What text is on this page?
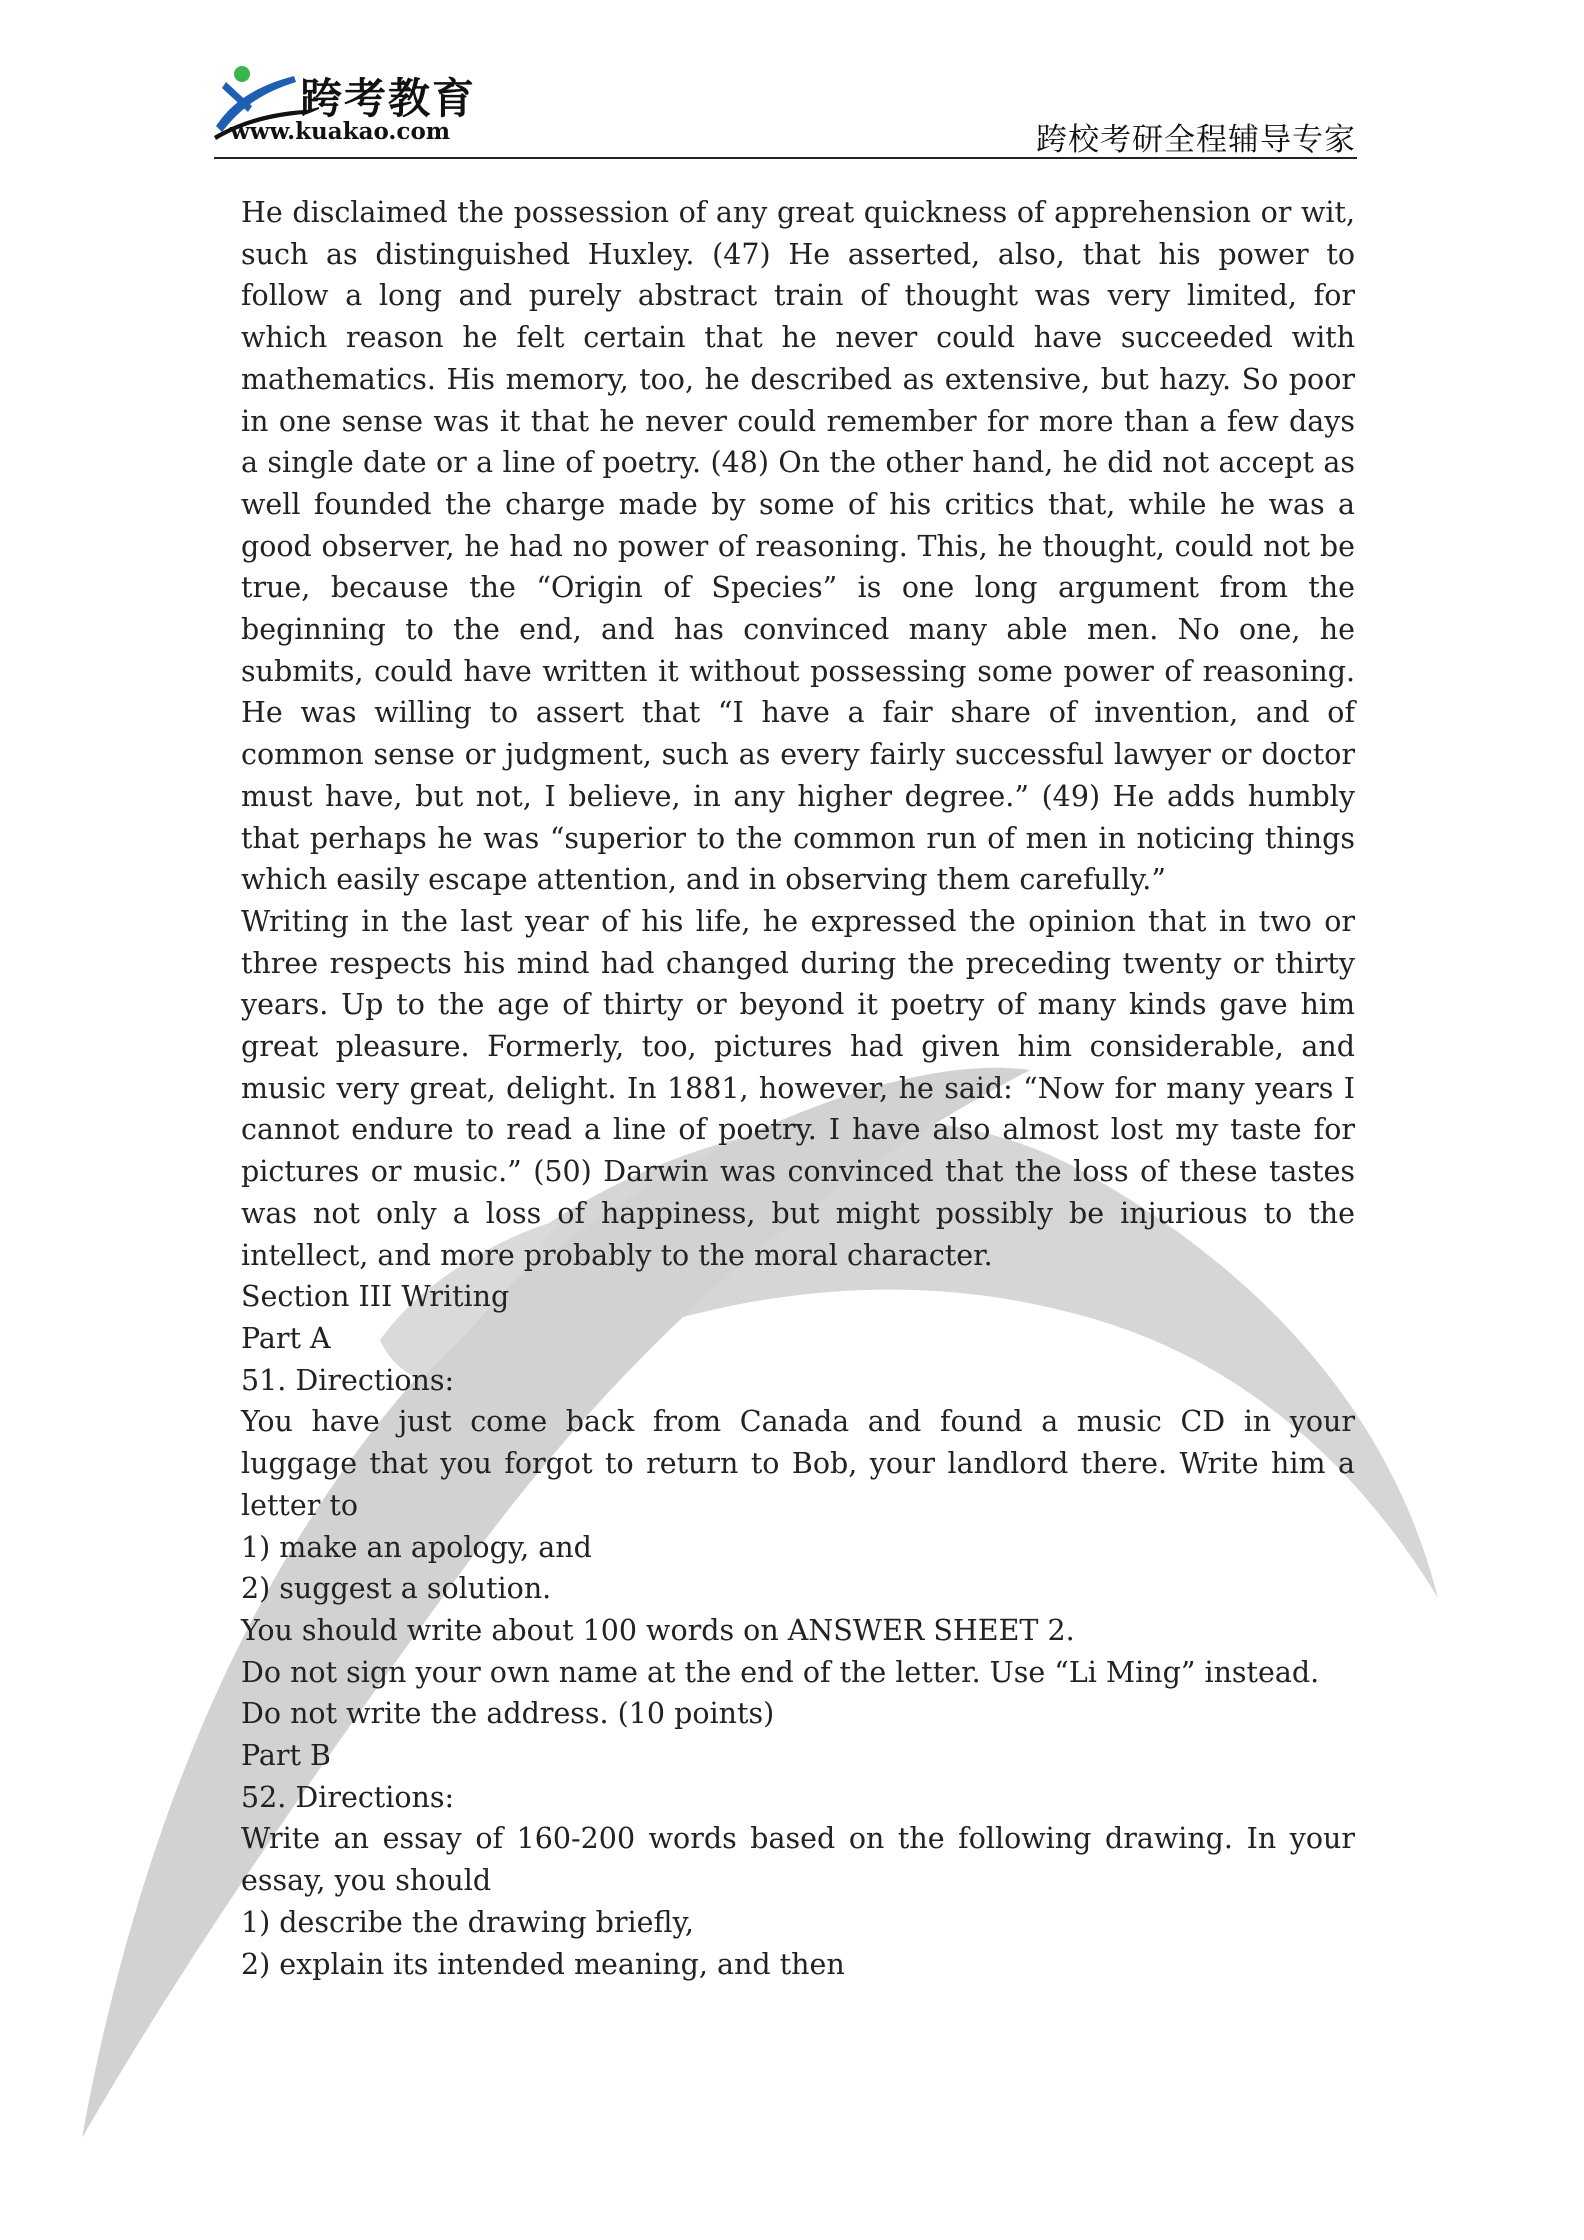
跨考教育
www.kuakao.com	跨校考研全程辅导专家

He disclaimed the possession of any great quickness of apprehension or wit, such as distinguished Huxley. (47) He asserted, also, that his power to follow a long and purely abstract train of thought was very limited, for which reason he felt certain that he never could have succeeded with mathematics. His memory, too, he described as extensive, but hazy. So poor in one sense was it that he never could remember for more than a few days a single date or a line of poetry. (48) On the other hand, he did not accept as well founded the charge made by some of his critics that, while he was a good observer, he had no power of reasoning. This, he thought, could not be true, because the “Origin of Species” is one long argument from the beginning to the end, and has convinced many able men. No one, he submits, could have written it without possessing some power of reasoning. He was willing to assert that “I have a fair share of invention, and of common sense or judgment, such as every fairly successful lawyer or doctor must have, but not, I believe, in any higher degree.” (49) He adds humbly that perhaps he was “superior to the common run of men in noticing things which easily escape attention, and in observing them carefully.”

Writing in the last year of his life, he expressed the opinion that in two or three respects his mind had changed during the preceding twenty or thirty years. Up to the age of thirty or beyond it poetry of many kinds gave him great pleasure. Formerly, too, pictures had given him considerable, and music very great, delight. In 1881, however, he said: “Now for many years I cannot endure to read a line of poetry. I have also almost lost my taste for pictures or music.” (50) Darwin was convinced that the loss of these tastes was not only a loss of happiness, but might possibly be injurious to the intellect, and more probably to the moral character.

Section III Writing
Part A
51. Directions:

You have just come back from Canada and found a music CD in your luggage that you forgot to return to Bob, your landlord there. Write him a letter to

1) make an apology, and
2) suggest a solution.
You should write about 100 words on ANSWER SHEET 2.
Do not sign your own name at the end of the letter. Use “Li Ming” instead.
Do not write the address. (10 points)
Part B
52. Directions:

Write an essay of 160-200 words based on the following drawing. In your essay, you should

1) describe the drawing briefly,
2) explain its intended meaning, and then
